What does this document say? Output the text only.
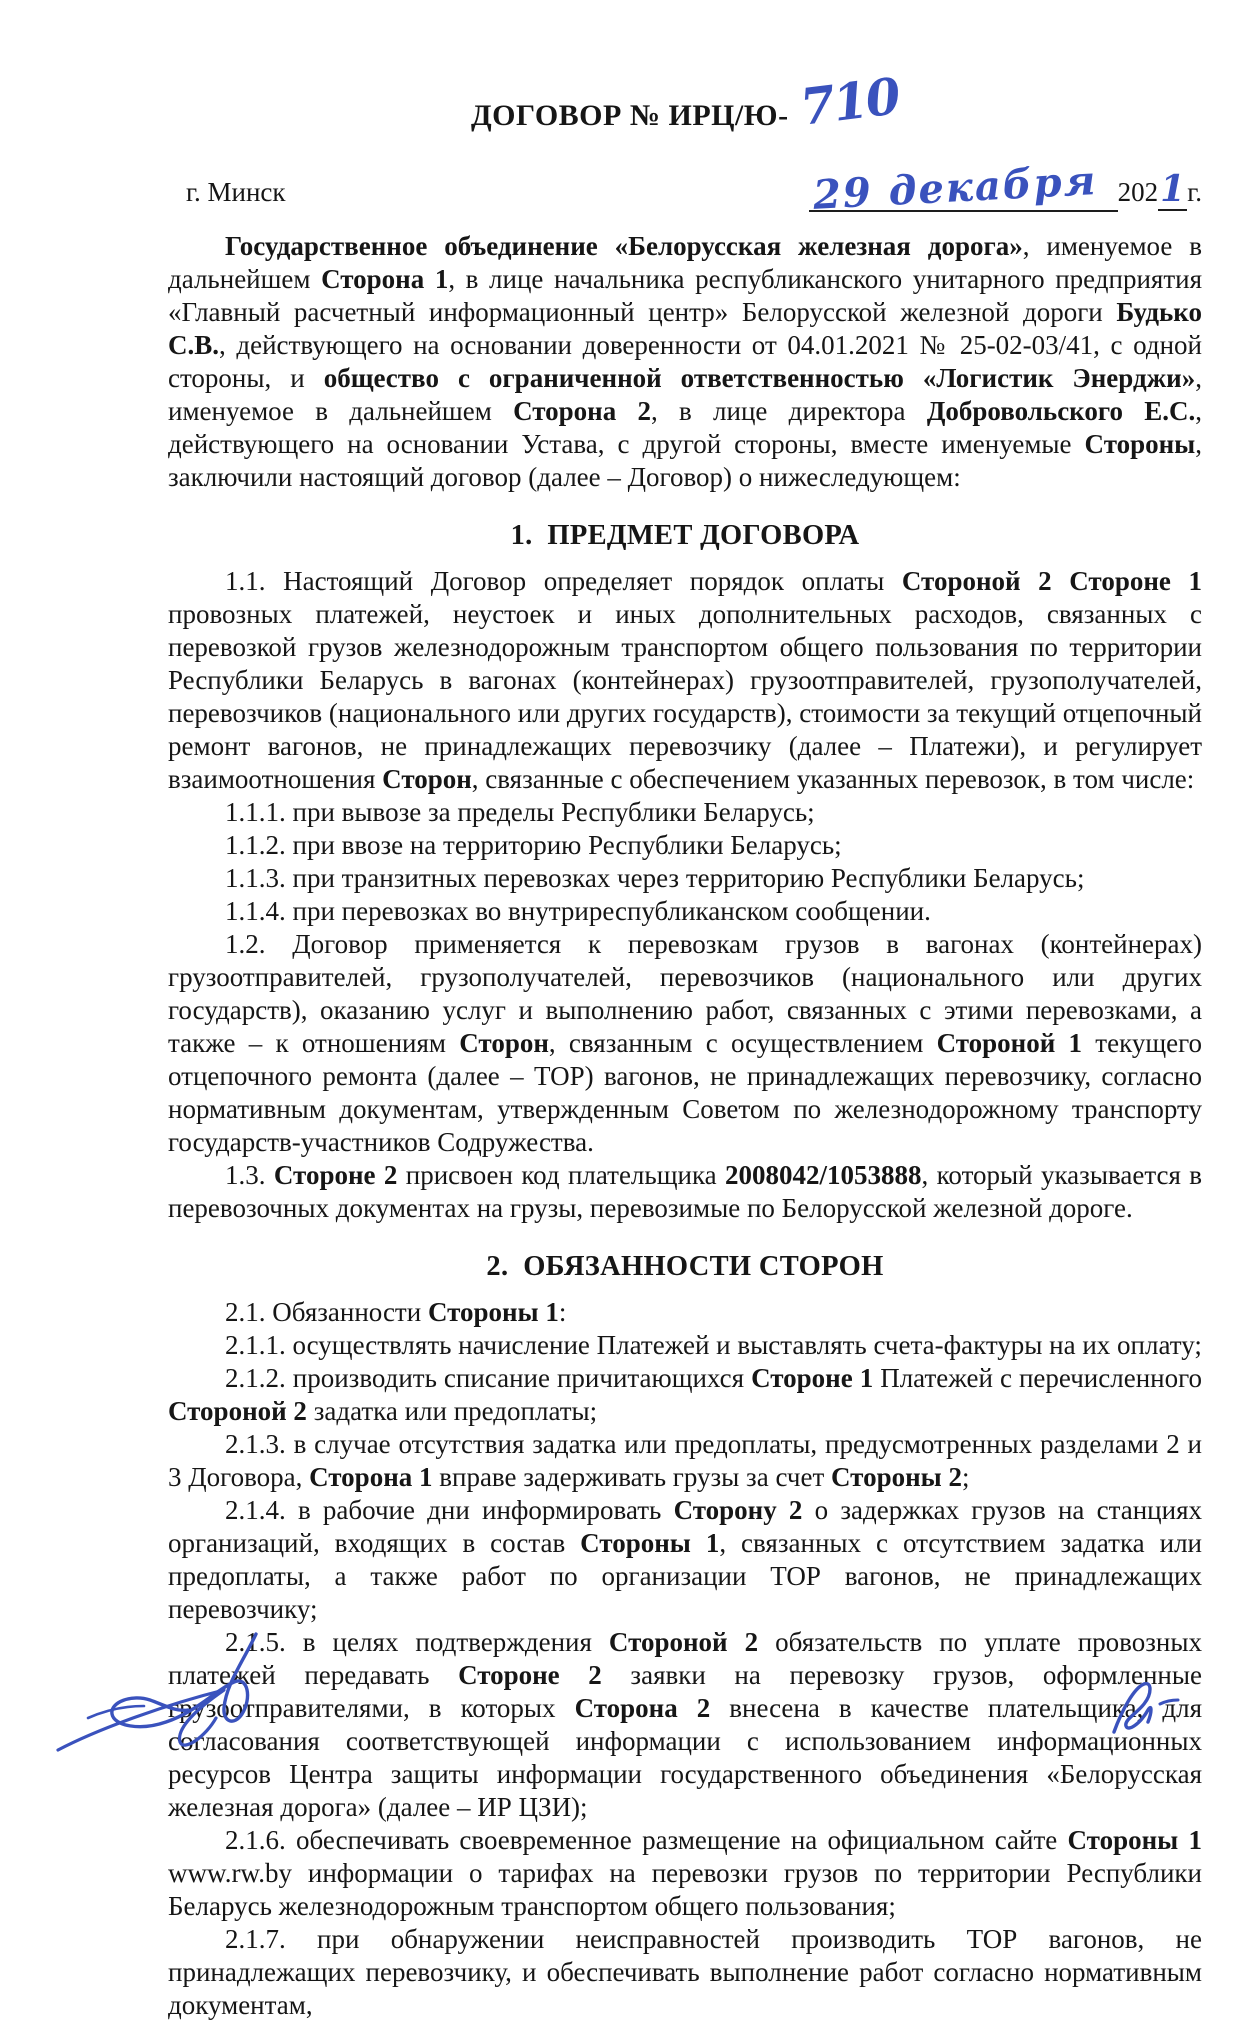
ДОГОВОР № ИРЦ/Ю- 710
г. Минск	29 декабря 2021г.

Государственное объединение «Белорусская железная дорога», именуемое в дальнейшем Сторона 1, в лице начальника республиканского унитарного предприятия «Главный расчетный информационный центр» Белорусской железной дороги Будько С.В., действующего на основании доверенности от 04.01.2021 № 25-02-03/41, с одной стороны, и общество с ограниченной ответственностью «Логистик Энерджи», именуемое в дальнейшем Сторона 2, в лице директора Добровольского Е.С., действующего на основании Устава, с другой стороны, вместе именуемые Стороны, заключили настоящий договор (далее – Договор) о нижеследующем:

1.  ПРЕДМЕТ ДОГОВОРА

1.1. Настоящий Договор определяет порядок оплаты Стороной 2 Стороне 1 провозных платежей, неустоек и иных дополнительных расходов, связанных с перевозкой грузов железнодорожным транспортом общего пользования по территории Республики Беларусь в вагонах (контейнерах) грузоотправителей, грузополучателей, перевозчиков (национального или других государств), стоимости за текущий отцепочный ремонт вагонов, не принадлежащих перевозчику (далее – Платежи), и регулирует взаимоотношения Сторон, связанные с обеспечением указанных перевозок, в том числе:

1.1.1. при вывозе за пределы Республики Беларусь;

1.1.2. при ввозе на территорию Республики Беларусь;

1.1.3. при транзитных перевозках через территорию Республики Беларусь;

1.1.4. при перевозках во внутриреспубликанском сообщении.

1.2. Договор применяется к перевозкам грузов в вагонах (контейнерах) грузоотправителей, грузополучателей, перевозчиков (национального или других государств), оказанию услуг и выполнению работ, связанных с этими перевозками, а также – к отношениям Сторон, связанным с осуществлением Стороной 1 текущего отцепочного ремонта (далее – ТОР) вагонов, не принадлежащих перевозчику, согласно нормативным документам, утвержденным Советом по железнодорожному транспорту государств-участников Содружества.

1.3. Стороне 2 присвоен код плательщика 2008042/1053888, который указывается в перевозочных документах на грузы, перевозимые по Белорусской железной дороге.

2.  ОБЯЗАННОСТИ СТОРОН

2.1. Обязанности Стороны 1:

2.1.1. осуществлять начисление Платежей и выставлять счета-фактуры на их оплату;

2.1.2. производить списание причитающихся Стороне 1 Платежей с перечисленного Стороной 2 задатка или предоплаты;

2.1.3. в случае отсутствия задатка или предоплаты, предусмотренных разделами 2 и 3 Договора, Сторона 1 вправе задерживать грузы за счет Стороны 2;

2.1.4. в рабочие дни информировать Сторону 2 о задержках грузов на станциях организаций, входящих в состав Стороны 1, связанных с отсутствием задатка или предоплаты, а также работ по организации ТОР вагонов, не принадлежащих перевозчику;

2.1.5. в целях подтверждения Стороной 2 обязательств по уплате провозных платежей передавать Стороне 2 заявки на перевозку грузов, оформленные грузоотправителями, в которых Сторона 2 внесена в качестве плательщика, для согласования соответствующей информации с использованием информационных ресурсов Центра защиты информации государственного объединения «Белорусская железная дорога» (далее – ИР ЦЗИ);

2.1.6. обеспечивать своевременное размещение на официальном сайте Стороны 1 www.rw.by информации о тарифах на перевозки грузов по территории Республики Беларусь железнодорожным транспортом общего пользования;

2.1.7. при обнаружении неисправностей производить ТОР вагонов, не принадлежащих перевозчику, и обеспечивать выполнение работ согласно нормативным документам,
